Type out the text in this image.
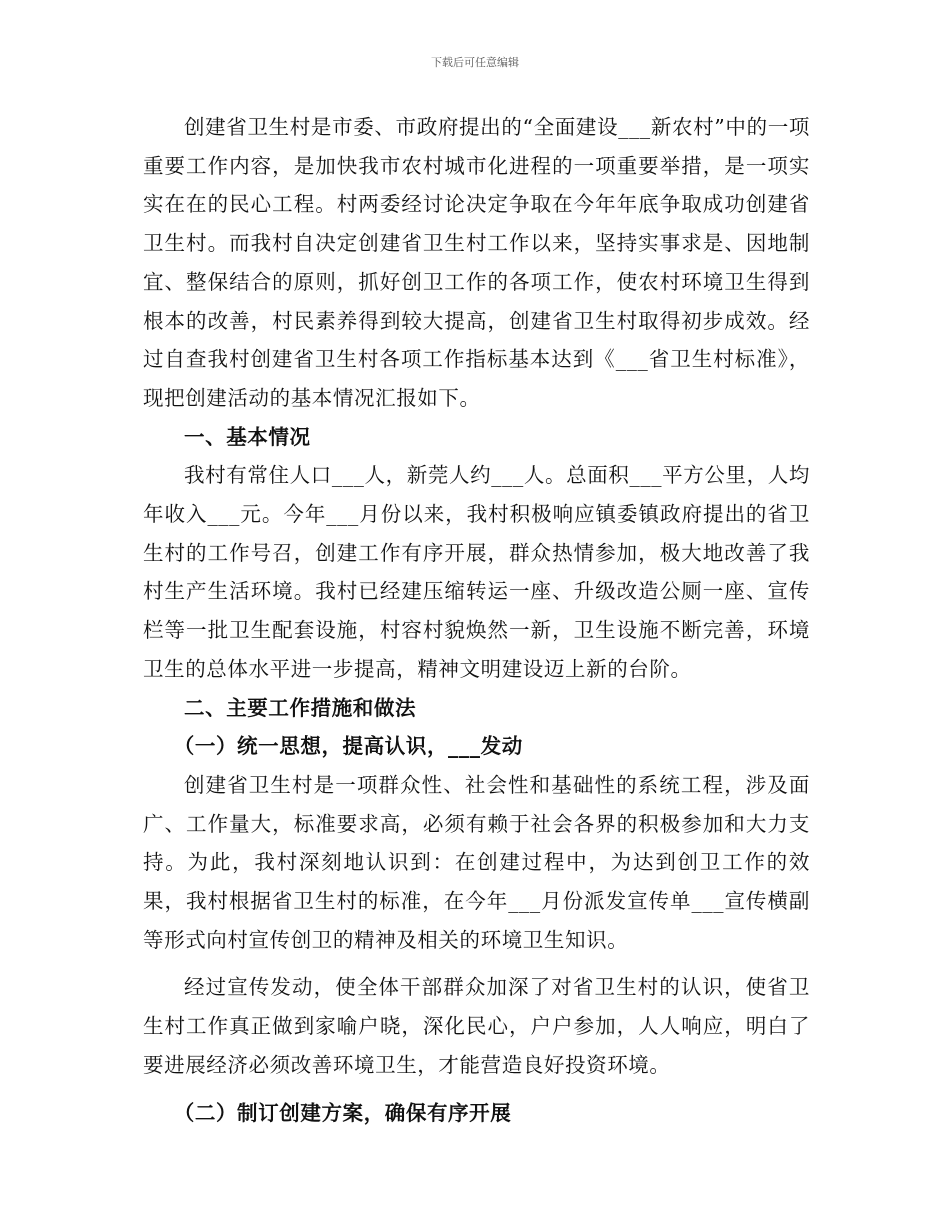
下载后可任意编辑

创建省卫生村是市委、市政府提出的“全面建设___新农村”中的一项重要工作内容，是加快我市农村城市化进程的一项重要举措，是一项实实在在的民心工程。村两委经讨论决定争取在今年年底争取成功创建省卫生村。而我村自决定创建省卫生村工作以来，坚持实事求是、因地制宜、整保结合的原则，抓好创卫工作的各项工作，使农村环境卫生得到根本的改善，村民素养得到较大提高，创建省卫生村取得初步成效。经过自查我村创建省卫生村各项工作指标基本达到《___省卫生村标准》，现把创建活动的基本情况汇报如下。

一、基本情况

我村有常住人口___人，新莞人约___人。总面积___平方公里，人均年收入___元。今年___月份以来，我村积极响应镇委镇政府提出的省卫生村的工作号召，创建工作有序开展，群众热情参加，极大地改善了我村生产生活环境。我村已经建压缩转运一座、升级改造公厕一座、宣传栏等一批卫生配套设施，村容村貌焕然一新，卫生设施不断完善，环境卫生的总体水平进一步提高，精神文明建设迈上新的台阶。

二、主要工作措施和做法

（一）统一思想，提高认识，___发动

创建省卫生村是一项群众性、社会性和基础性的系统工程，涉及面广、工作量大，标准要求高，必须有赖于社会各界的积极参加和大力支持。为此，我村深刻地认识到：在创建过程中，为达到创卫工作的效果，我村根据省卫生村的标准，在今年___月份派发宣传单___宣传横副等形式向村宣传创卫的精神及相关的环境卫生知识。

经过宣传发动，使全体干部群众加深了对省卫生村的认识，使省卫生村工作真正做到家喻户晓，深化民心，户户参加，人人响应，明白了要进展经济必须改善环境卫生，才能营造良好投资环境。

（二）制订创建方案，确保有序开展
